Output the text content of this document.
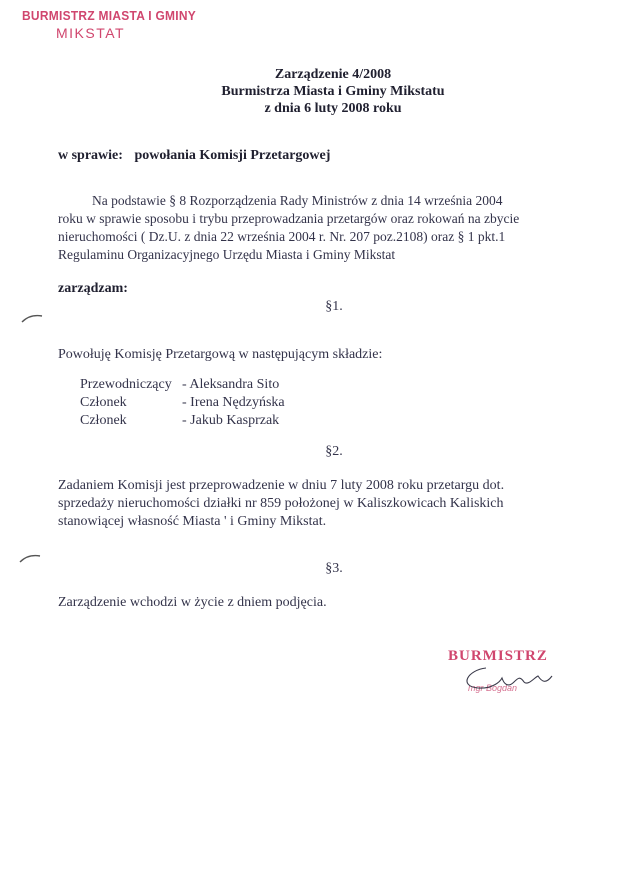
BURMISTRZ MIASTA I GMINY
MIKSTAT
Zarządzenie 4/2008
Burmistrza Miasta i Gminy Mikstatu
z dnia 6 luty 2008 roku
w sprawie: powołania Komisji Przetargowej
Na podstawie § 8 Rozporządzenia Rady Ministrów z dnia 14 września 2004
roku w sprawie sposobu i trybu przeprowadzania przetargów oraz rokowań na zbycie
nieruchomości ( Dz.U. z dnia 22 września 2004 r. Nr. 207 poz.2108) oraz § 1 pkt.1
Regulaminu Organizacyjnego Urzędu Miasta i Gminy Mikstat
zarządzam:
§1.
Powołuję Komisję Przetargową w następującym składzie:
Przewodniczący - Aleksandra Sito
Członek	- Irena Nędzyńska
Członek	- Jakub Kasprzak
§2.
Zadaniem Komisji jest przeprowadzenie w dniu 7 luty 2008 roku przetargu dot.
sprzedaży nieruchomości działki nr 859 położonej w Kaliszkowicach Kaliskich
stanowiącej własność Miasta ' i Gminy Mikstat.
§3.
Zarządzenie wchodzi w życie z dniem podjęcia.
BURMISTRZ
mgr Bogdan
